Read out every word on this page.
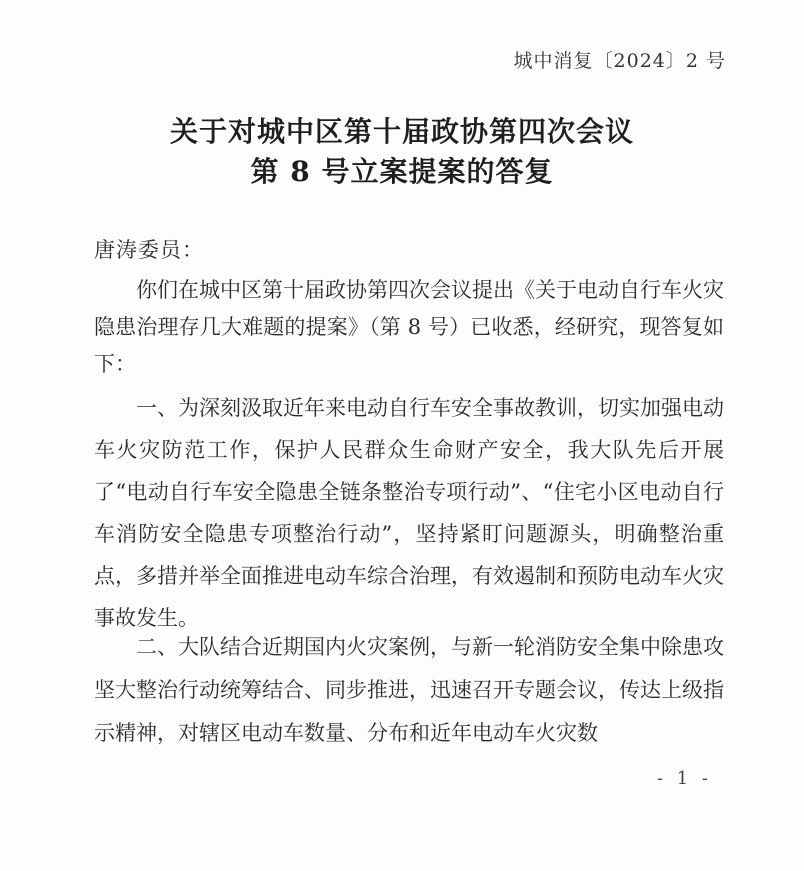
城中消复〔2024〕2 号
关于对城中区第十届政协第四次会议
第 8 号立案提案的答复
唐涛委员：

你们在城中区第十届政协第四次会议提出《关于电动自行车火灾隐患治理存几大难题的提案》（第 8 号）已收悉，经研究，现答复如下：

一、为深刻汲取近年来电动自行车安全事故教训，切实加强电动车火灾防范工作，保护人民群众生命财产安全，我大队先后开展了“电动自行车安全隐患全链条整治专项行动”、“住宅小区电动自行车消防安全隐患专项整治行动”，坚持紧盯问题源头，明确整治重点，多措并举全面推进电动车综合治理，有效遏制和预防电动车火灾事故发生。

二、大队结合近期国内火灾案例，与新一轮消防安全集中除患攻坚大整治行动统筹结合、同步推进，迅速召开专题会议，传达上级指示精神，对辖区电动车数量、分布和近年电动车火灾数

- 1 -
